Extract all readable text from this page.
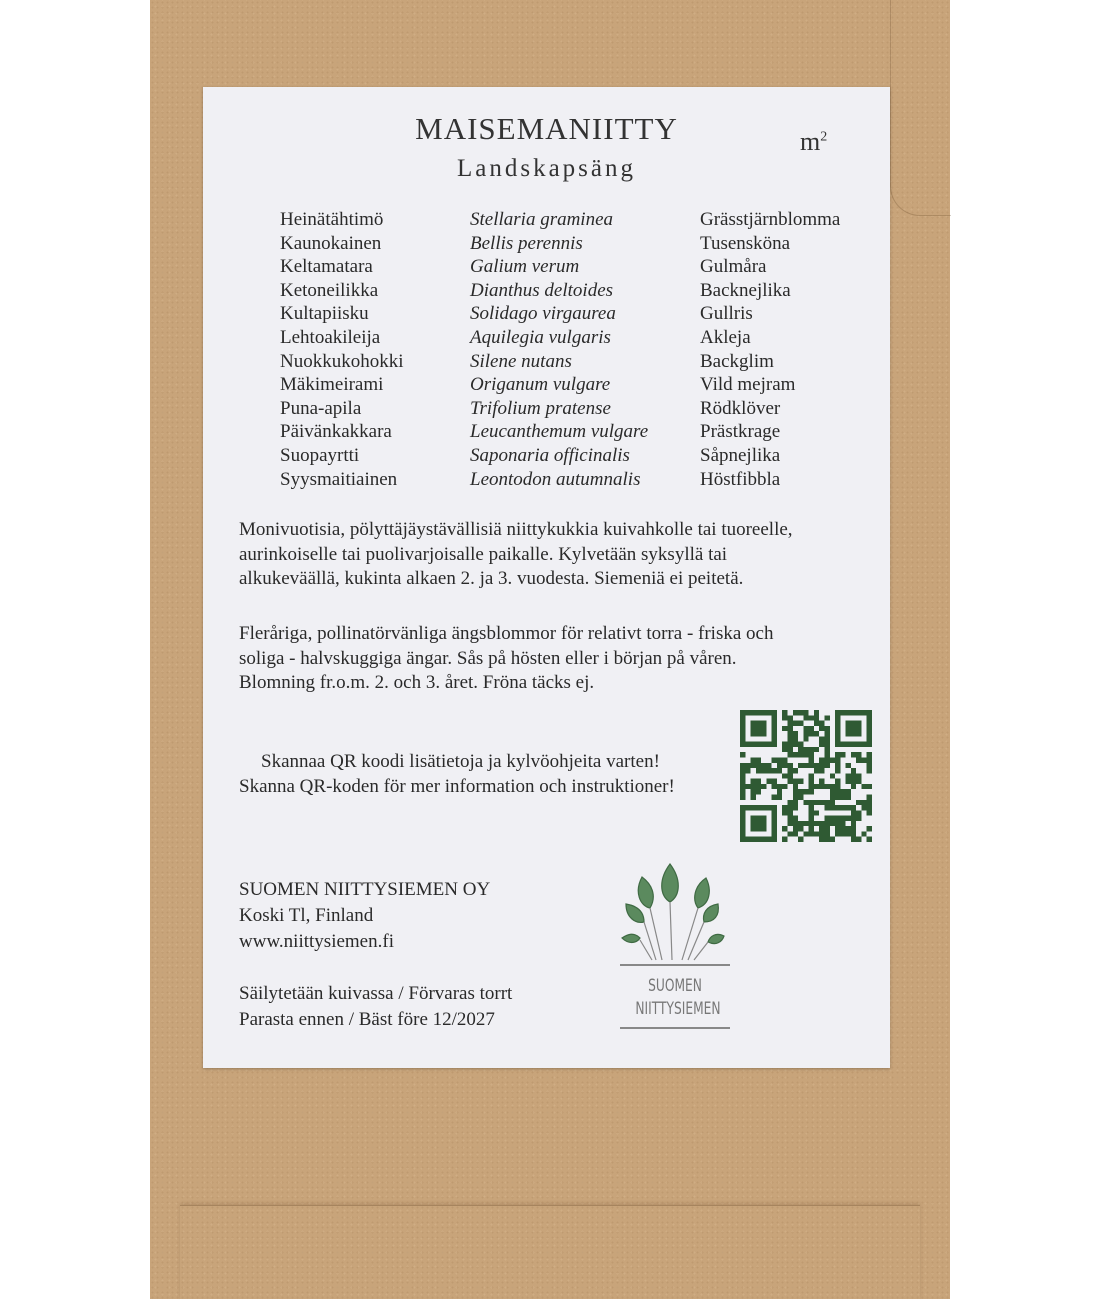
MAISEMANIITTY
Landskapsäng
$m^2$
Heinätähtimö	Stellaria graminea	Grässtjärnblomma
Kaunokainen	Bellis perennis	Tusensköna
Keltamatara	Galium verum	Gulmåra
Ketoneilikka	Dianthus deltoides	Backnejlika
Kultapiisku	Solidago virgaurea	Gullris
Lehtoakileija	Aquilegia vulgaris	Akleja
Nuokkukohokki	Silene nutans	Backglim
Mäkimeirami	Origanum vulgare	Vild mejram
Puna-apila	Trifolium pratense	Rödklöver
Päivänkakkara	Leucanthemum vulgare	Prästkrage
Suopayrtti	Saponaria officinalis	Såpnejlika
Syysmaitiainen	Leontodon autumnalis	Höstfibbla
Monivuotisia, pölyttäjäystävällisiä niittykukkia kuivahkolle tai tuoreelle,
aurinkoiselle tai puolivarjoisalle paikalle. Kylvetään syksyllä tai
alkukeväällä, kukinta alkaen 2. ja 3. vuodesta. Siemeniä ei peitetä.
Fleråriga, pollinatörvänliga ängsblommor för relativt torra - friska och
soliga - halvskuggiga ängar. Sås på hösten eller i början på våren.
Blomning fr.o.m. 2. och 3. året. Fröna täcks ej.
Skannaa QR koodi lisätietoja ja kylvöohjeita varten!
Skanna QR-koden för mer information och instruktioner!
SUOMEN NIITTYSIEMEN OY
Koski Tl, Finland
www.niittysiemen.fi
Säilytetään kuivassa / Förvaras torrt
Parasta ennen / Bäst före 12/2027
SUOMEN
NIITTYSIEMEN
